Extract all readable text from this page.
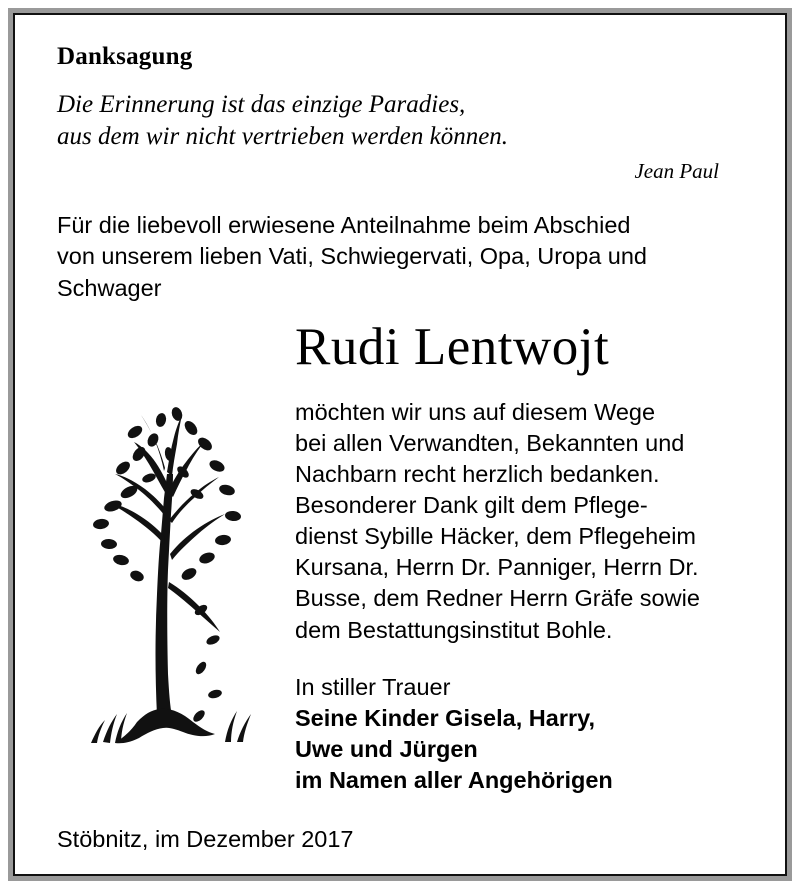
Danksagung
Die Erinnerung ist das einzige Paradies,
aus dem wir nicht vertrieben werden können.
Jean Paul
Für die liebevoll erwiesene Anteilnahme beim Abschied
von unserem lieben Vati, Schwiegervati, Opa, Uropa und
Schwager
Rudi Lentwojt
möchten wir uns auf diesem Wege
bei allen Verwandten, Bekannten und
Nachbarn recht herzlich bedanken.
Besonderer Dank gilt dem Pflege-
dienst Sybille Häcker, dem Pflegeheim
Kursana, Herrn Dr. Panniger, Herrn Dr.
Busse, dem Redner Herrn Gräfe sowie
dem Bestattungsinstitut Bohle.
In stiller Trauer
Seine Kinder Gisela, Harry,
Uwe und Jürgen
im Namen aller Angehörigen
Stöbnitz, im Dezember 2017
